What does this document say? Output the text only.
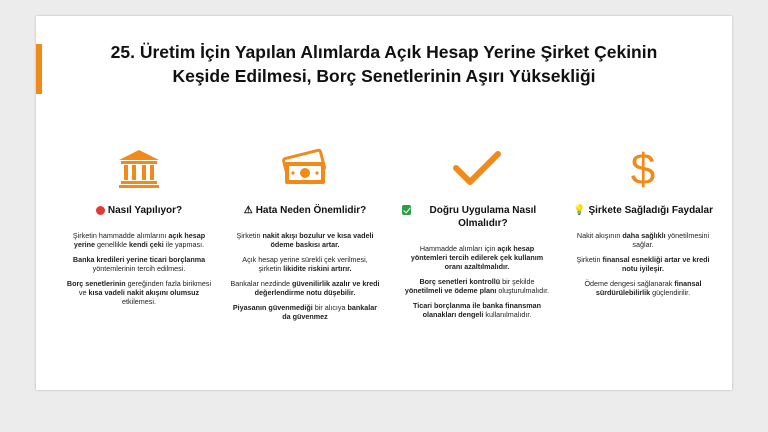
25. Üretim İçin Yapılan Alımlarda Açık Hesap Yerine Şirket Çekinin
Keşide Edilmesi, Borç Senetlerinin Aşırı Yüksekliği
Nasıl Yapılıyor?

Şirketin hammadde alımlarını açık hesap yerine genellikle kendi çeki ile yapması.

Banka kredileri yerine ticari borçlanma yöntemlerinin tercih edilmesi.

Borç senetlerinin gereğinden fazla birikmesi ve kısa vadeli nakit akışını olumsuz etkilemesi.

⚠ Hata Neden Önemlidir?

Şirketin nakit akışı bozulur ve kısa vadeli ödeme baskısı artar.

Açık hesap yerine sürekli çek verilmesi, şirketin likidite riskini artırır.

Bankalar nezdinde güvenilirlik azalır ve kredi değerlendirme notu düşebilir.

Piyasanın güvenmediği bir alıcıya bankalar da güvenmez

Doğru Uygulama Nasıl Olmalıdır?

Hammadde alımları için açık hesap yöntemleri tercih edilerek çek kullanım oranı azaltılmalıdır.

Borç senetleri kontrollü bir şekilde yönetilmeli ve ödeme planı oluşturulmalıdır.

Ticari borçlanma ile banka finansman olanakları dengeli kullanılmalıdır.

$
💡 Şirkete Sağladığı Faydalar

Nakit akışının daha sağlıklı yönetilmesini sağlar.

Şirketin finansal esnekliği artar ve kredi notu iyileşir.

Ödeme dengesi sağlanarak finansal sürdürülebilirlik güçlendirilir.
